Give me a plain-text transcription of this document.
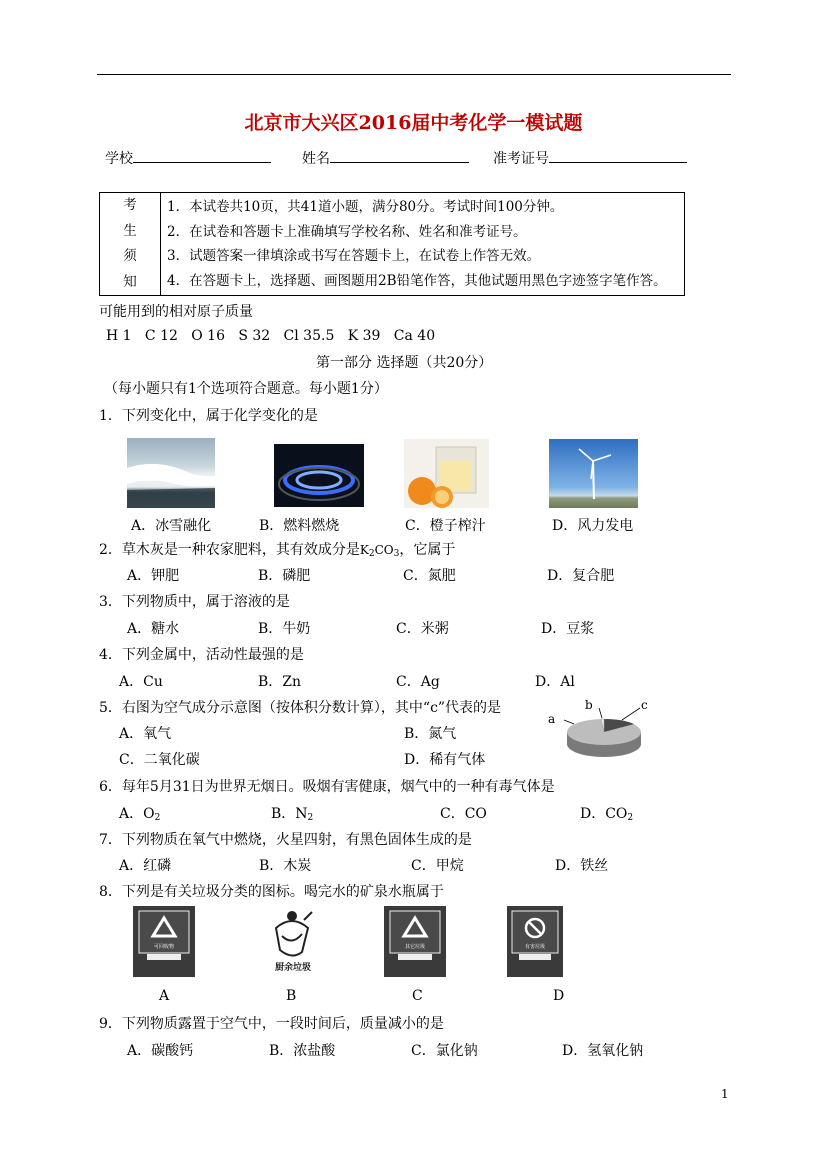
北京市大兴区2016届中考化学一模试题
学校	姓名	准考证号
考
生
须
知

1．本试卷共10页，共41道小题，满分80分。考试时间100分钟。
2．在试卷和答题卡上准确填写学校名称、姓名和准考证号。
3．试题答案一律填涂或书写在答题卡上，在试卷上作答无效。
4．在答题卡上，选择题、画图题用2B铅笔作答，其他试题用黑色字迹签字笔作答。
可能用到的相对原子质量
H 1   C 12   O 16   S 32   Cl 35.5   K 39   Ca 40
第一部分 选择题（共20分）
（每小题只有1个选项符合题意。每小题1分）
1．下列变化中，属于化学变化的是
A．冰雪融化	B．燃料燃烧	C．橙子榨汁	D．风力发电
2．草木灰是一种农家肥料，其有效成分是$K_2CO_3$，它属于
A．钾肥	B．磷肥	C．氮肥	D．复合肥
3．下列物质中，属于溶液的是
A．糖水	B．牛奶	C．米粥	D．豆浆
4．下列金属中，活动性最强的是
A．Cu	B．Zn	C．Ag	D．Al
5．右图为空气成分示意图（按体积分数计算），其中“c”代表的是
A．氧气	B．氮气
C．二氧化碳	D．稀有气体
a
b	c
6．每年5月31日为世界无烟日。吸烟有害健康，烟气中的一种有毒气体是
A．$O_2$	B．$N_2$	C．CO	D．$CO_2$
7．下列物质在氧气中燃烧，火星四射，有黑色固体生成的是
A．红磷	B．木炭	C．甲烷	D．铁丝
8．下列是有关垃圾分类的图标。喝完水的矿泉水瓶属于
可回收物
厨余垃圾
其它垃圾	有害垃圾
A	B	C	D
9．下列物质露置于空气中，一段时间后，质量减小的是
A．碳酸钙	B．浓盐酸	C．氯化钠	D．氢氧化钠
1
